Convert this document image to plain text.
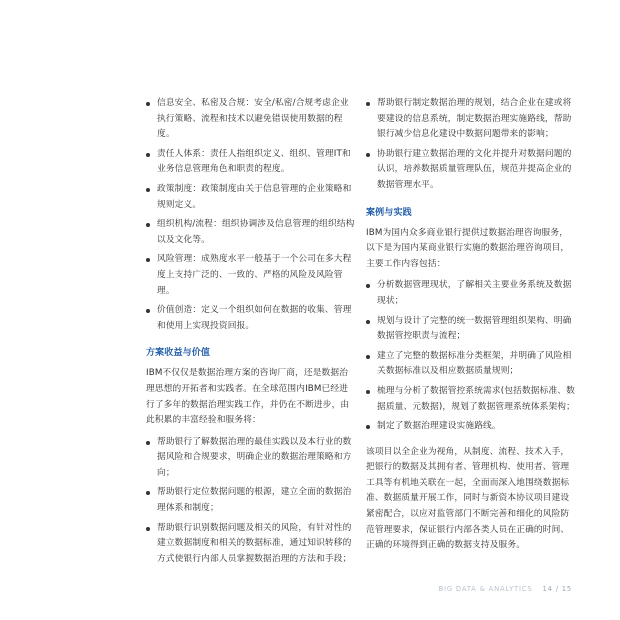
信息安全、私密及合规：安全/私密/合规考虑企业执行策略、流程和技术以避免错误使用数据的程度。
责任人体系：责任人指组织定义、组织、管理IT和业务信息管理角色和职责的程度。
政策制度：政策制度由关于信息管理的企业策略和规则定义。
组织机构/流程：组织协调涉及信息管理的组织结构以及文化等。
风险管理：成熟度水平一般基于一个公司在多大程度上支持广泛的、一致的、严格的风险及风险管理。
价值创造：定义一个组织如何在数据的收集、管理和使用上实现投资回报。
方案收益与价值

IBM不仅仅是数据治理方案的咨询厂商，还是数据治理思想的开拓者和实践者。在全球范围内IBM已经进行了多年的数据治理实践工作，并仍在不断进步，由此积累的丰富经验和服务将：

帮助银行了解数据治理的最佳实践以及本行业的数据风险和合规要求，明确企业的数据治理策略和方向；
帮助银行定位数据问题的根源，建立全面的数据治理体系和制度；
帮助银行识别数据问题及相关的风险，有针对性的建立数据制度和相关的数据标准，通过知识转移的方式使银行内部人员掌握数据治理的方法和手段；
帮助银行制定数据治理的规划，结合企业在建或将要建设的信息系统，制定数据治理实施路线，帮助银行减少信息化建设中数据问题带来的影响；
协助银行建立数据治理的文化并提升对数据问题的认识，培养数据质量管理队伍，规范并提高企业的数据管理水平。
案例与实践

IBM为国内众多商业银行提供过数据治理咨询服务，以下是为国内某商业银行实施的数据治理咨询项目，主要工作内容包括：

分析数据管理现状，了解相关主要业务系统及数据现状；
规划与设计了完整的统一数据管理组织架构、明确数据管控职责与流程；
建立了完整的数据标准分类框架，并明确了风险相关数据标准以及相应数据质量规则；
梳理与分析了数据管控系统需求(包括数据标准、数据质量、元数据)，规划了数据管理系统体系架构；
制定了数据治理建设实施路线。

该项目以全企业为视角，从制度、流程、技术入手，把银行的数据及其拥有者、管理机构、使用者、管理工具等有机地关联在一起，全面而深入地围绕数据标准、数据质量开展工作，同时与新资本协议项目建设紧密配合，以应对监管部门不断完善和细化的风险防范管理要求，保证银行内部各类人员在正确的时间、正确的环境得到正确的数据支持及服务。

BIG DATA & ANALYTICS 14 / 15
